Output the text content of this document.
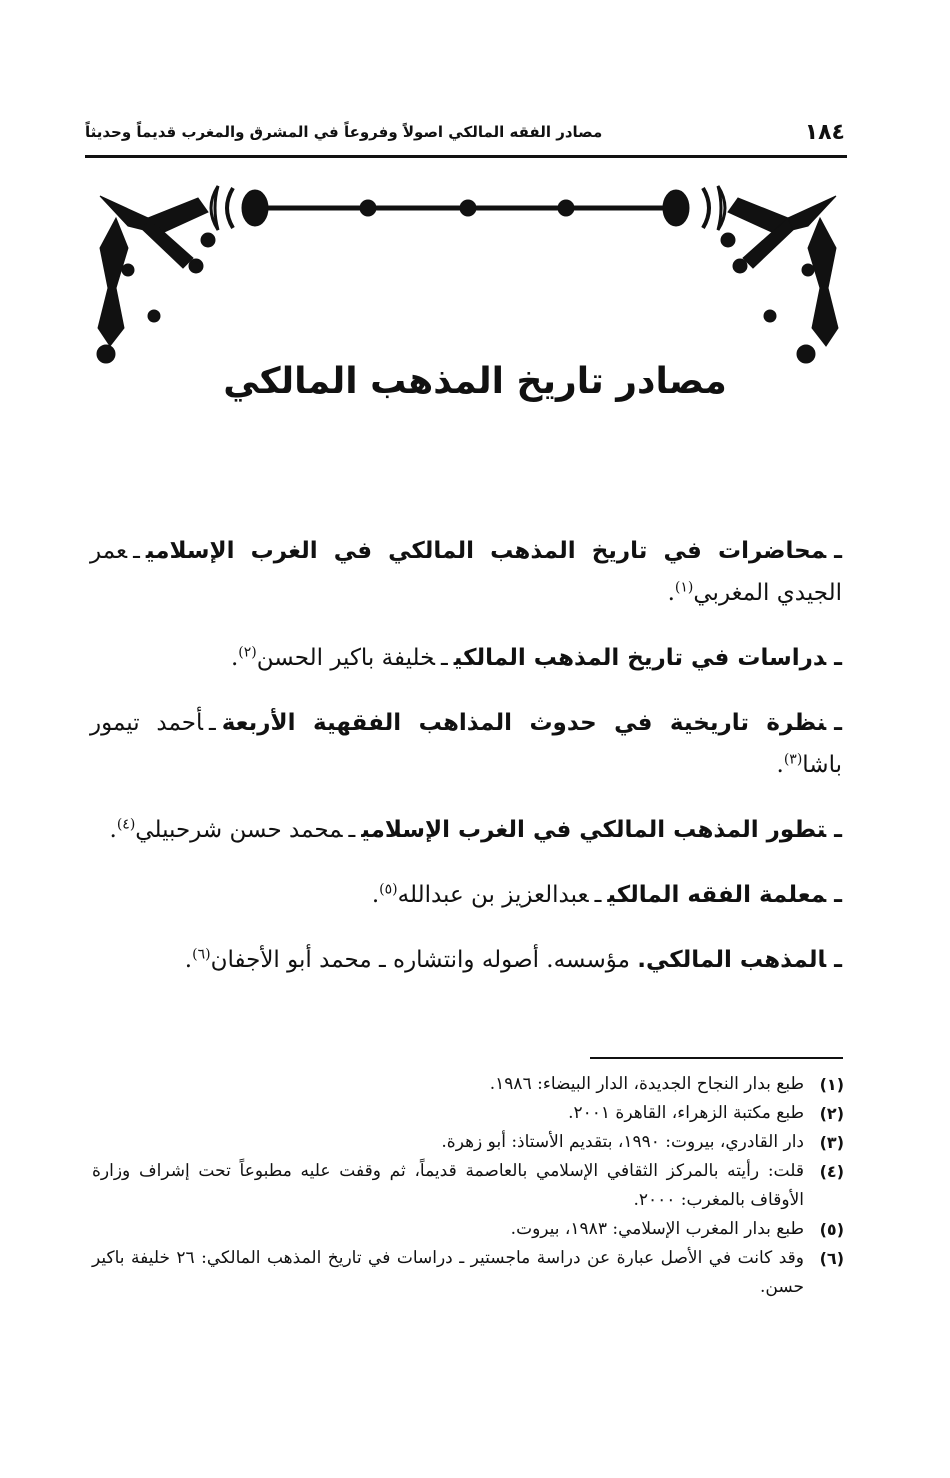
١٨٤
مصادر الفقه المالكي اصولاً وفروعاً في المشرق والمغرب قديماً وحديثاً
مصادر تاريخ المذهب المالكي

ـمحاضرات في تاريخ المذهب المالكي في الغرب الإسلاميـعمر الجيدي المغربي$^{(١)}$.

ـدراسات في تاريخ المذهب المالكيـخليفة باكير الحسن$^{(٢)}$.

ـنظرة تاريخية في حدوث المذاهب الفقهية الأربعةـأحمد تيمور باشا$^{(٣)}$.

ـتطور المذهب المالكي في الغرب الإسلاميـمحمد حسن شرحبيلي$^{(٤)}$.

ـمعلمة الفقه المالكيـعبدالعزيز بن عبدالله$^{(٥)}$.

ـالمذهب المالكي. مؤسسه. أصوله وانتشاره ـ محمد أبو الأجفان$^{(٦)}$.

(١)
طبع بدار النجاح الجديدة، الدار البيضاء: ١٩٨٦.
(٢)
طبع مكتبة الزهراء، القاهرة ٢٠٠١.
(٣)
دار القادري، بيروت: ١٩٩٠، بتقديم الأستاذ: أبو زهرة.
(٤)
قلت: رأيته بالمركز الثقافي الإسلامي بالعاصمة قديماً، ثم وقفت عليه مطبوعاً تحت إشراف وزارة الأوقاف بالمغرب: ٢٠٠٠.
(٥)
طبع بدار المغرب الإسلامي: ١٩٨٣، بيروت.
(٦)
وقد كانت في الأصل عبارة عن دراسة ماجستير ـ دراسات في تاريخ المذهب المالكي: ٢٦ خليفة باكير حسن.
